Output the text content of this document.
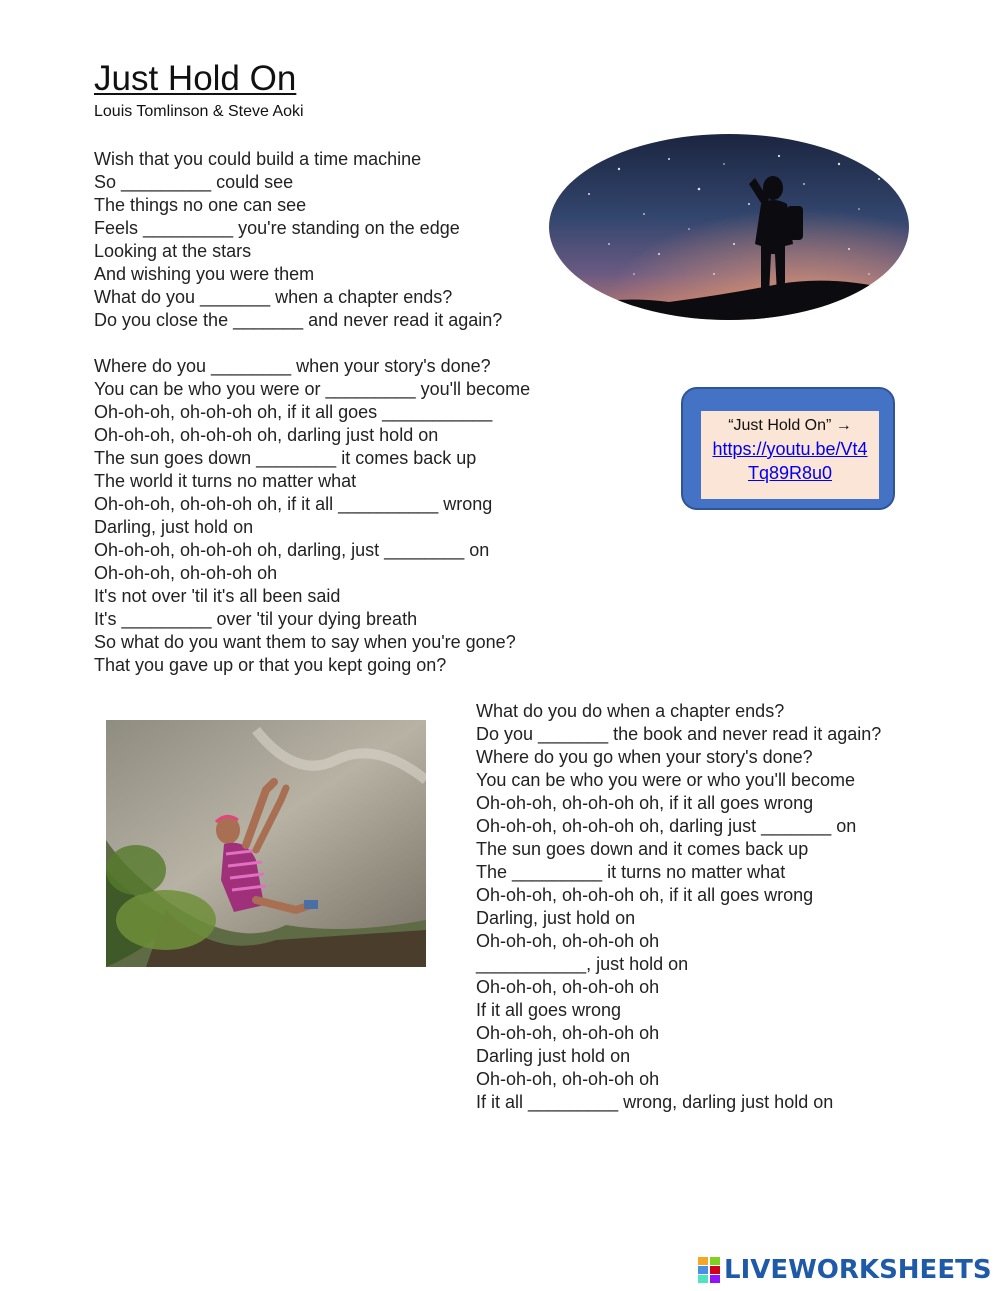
Just Hold On
Louis Tomlinson & Steve Aoki
Wish that you could build a time machine
So _________ could see
The things no one can see
Feels _________ you're standing on the edge
Looking at the stars
And wishing you were them
What do you _______ when a chapter ends?
Do you close the _______ and never read it again?
Where do you ________ when your story's done?
You can be who you were or _________ you'll become
Oh-oh-oh, oh-oh-oh oh, if it all goes ___________
Oh-oh-oh, oh-oh-oh oh, darling just hold on
The sun goes down ________ it comes back up
The world it turns no matter what
Oh-oh-oh, oh-oh-oh oh, if it all __________ wrong
Darling, just hold on
Oh-oh-oh, oh-oh-oh oh, darling, just ________ on
Oh-oh-oh, oh-oh-oh oh
It's not over 'til it's all been said
It's _________ over 'til your dying breath
So what do you want them to say when you're gone?
That you gave up or that you kept going on?
“Just Hold On” →
https://youtu.be/Vt4Tq89R8u0
What do you do when a chapter ends?
Do you _______ the book and never read it again?
Where do you go when your story's done?
You can be who you were or who you'll become
Oh-oh-oh, oh-oh-oh oh, if it all goes wrong
Oh-oh-oh, oh-oh-oh oh, darling just _______ on
The sun goes down and it comes back up
The _________ it turns no matter what
Oh-oh-oh, oh-oh-oh oh, if it all goes wrong
Darling, just hold on
Oh-oh-oh, oh-oh-oh oh
___________, just hold on
Oh-oh-oh, oh-oh-oh oh
If it all goes wrong
Oh-oh-oh, oh-oh-oh oh
Darling just hold on
Oh-oh-oh, oh-oh-oh oh
If it all _________ wrong, darling just hold on
LIVEWORKSHEETS
